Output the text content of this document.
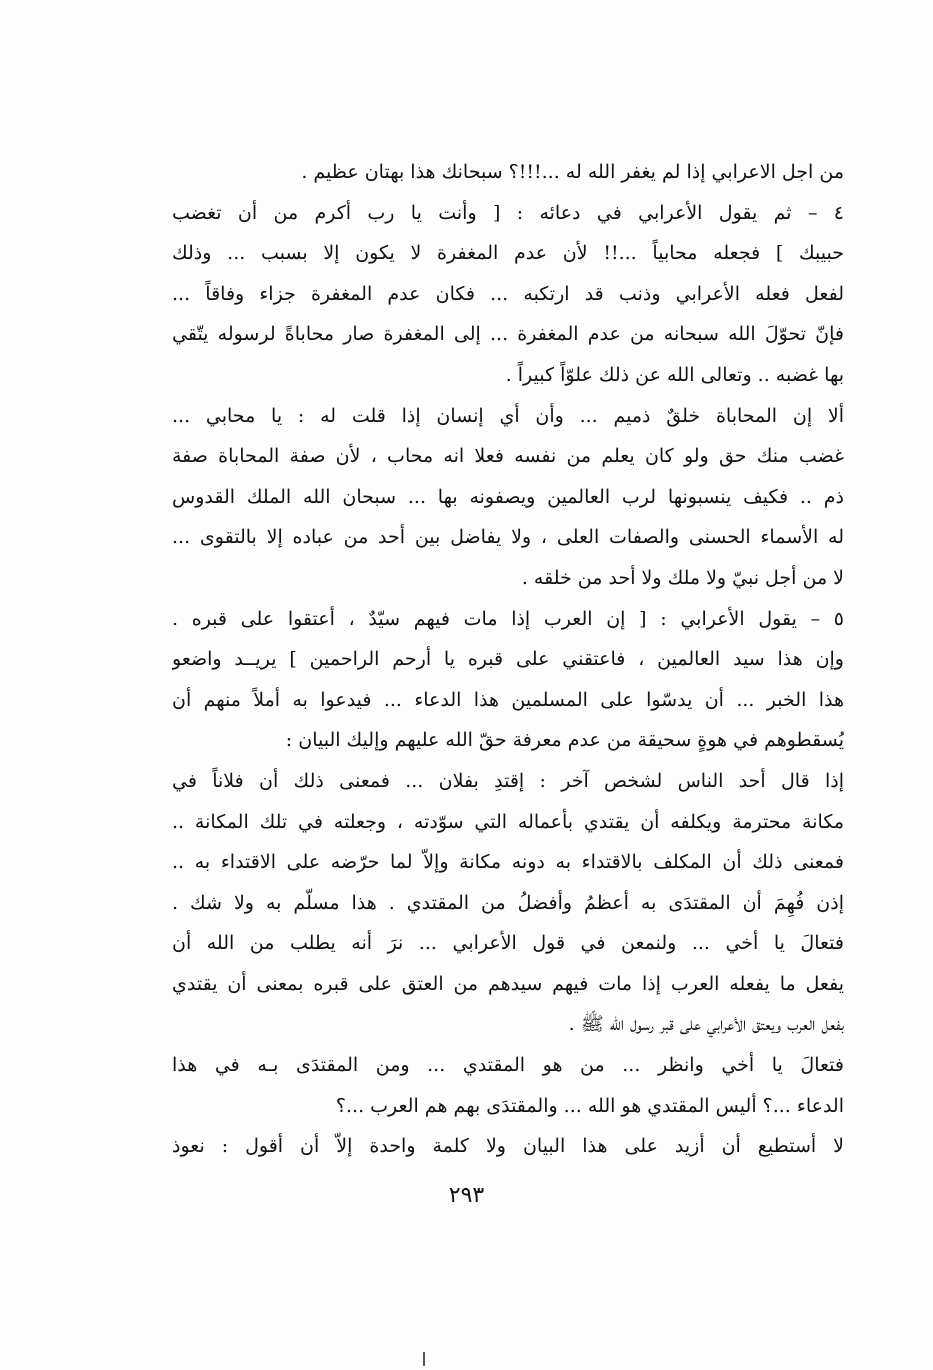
من اجل الاعرابي إذا لم يغفر الله له ...!!!؟ سبحانك هذا بهتان عظيم .
٤ – ثم يقول الأعرابي في دعائه : [ وأنت يا رب أكرم من أن تغضب
حبيبك ] فجعله محابياً ...!! لأن عدم المغفرة لا يكون إلا بسبب ... وذلك
لفعل فعله الأعرابي وذنب قد ارتكبه ... فكان عدم المغفرة جزاء وفاقاً ...
فإنّ تحوّلَ الله سبحانه من عدم المغفرة ... إلى المغفرة صار محاباةً لرسوله يتّقي
بها غضبه .. وتعالى الله عن ذلك علوّاً كبيراً .
ألا إن المحاباة خلقٌ ذميم ... وأن أي إنسان إذا قلت له : يا محابي ...
غضب منك حق ولو كان يعلم من نفسه فعلا انه محاب ، لأن صفة المحاباة صفة
ذم .. فكيف ينسبونها لرب العالمين ويصفونه بها ... سبحان الله الملك القدوس
له الأسماء الحسنى والصفات العلى ، ولا يفاضل بين أحد من عباده إلا بالتقوى ...
لا من أجل نبيّ ولا ملك ولا أحد من خلقه .
٥ – يقول الأعرابي : [ إن العرب إذا مات فيهم سيّدٌ ، أعتقوا على قبره .
وإن هذا سيد العالمين ، فاعتقني على قبره يا أرحم الراحمين ] يريــد واضعو
هذا الخبر ... أن يدسّوا على المسلمين هذا الدعاء ... فيدعوا به أملاً منهم أن
يُسقطوهم في هوةٍ سحيقة من عدم معرفة حقّ الله عليهم وإليك البيان :
إذا قال أحد الناس لشخص آخر : إقتدِ بفلان ... فمعنى ذلك أن فلاناً في
مكانة محترمة ويكلفه أن يقتدي بأعماله التي سوّدته ، وجعلته في تلك المكانة ..
فمعنى ذلك أن المكلف بالاقتداء به دونه مكانة وإلاّ لما حرّضه على الاقتداء به ..
إذن فُهِمَ أن المقتدَى به أعظمُ وأفضلُ من المقتدي . هذا مسلّم به ولا شك .
فتعالَ يا أخي ... ولنمعن في قول الأعرابي ... نرَ أنه يطلب من الله أن
يفعل ما يفعله العرب إذا مات فيهم سيدهم من العتق على قبره بمعنى أن يقتدي
بفعل العرب ويعتق الأعرابي على قبر رسول الله ﷺ .
فتعالَ يا أخي وانظر ... من هو المقتدي ... ومن المقتدَى بـه في هذا
الدعاء ...؟ أليس المقتدي هو الله ... والمقتدَى بهم هم العرب ...؟
لا أستطيع أن أزيد على هذا البيان ولا كلمة واحدة إلاّ أن أقول : نعوذ
٢٩٣
